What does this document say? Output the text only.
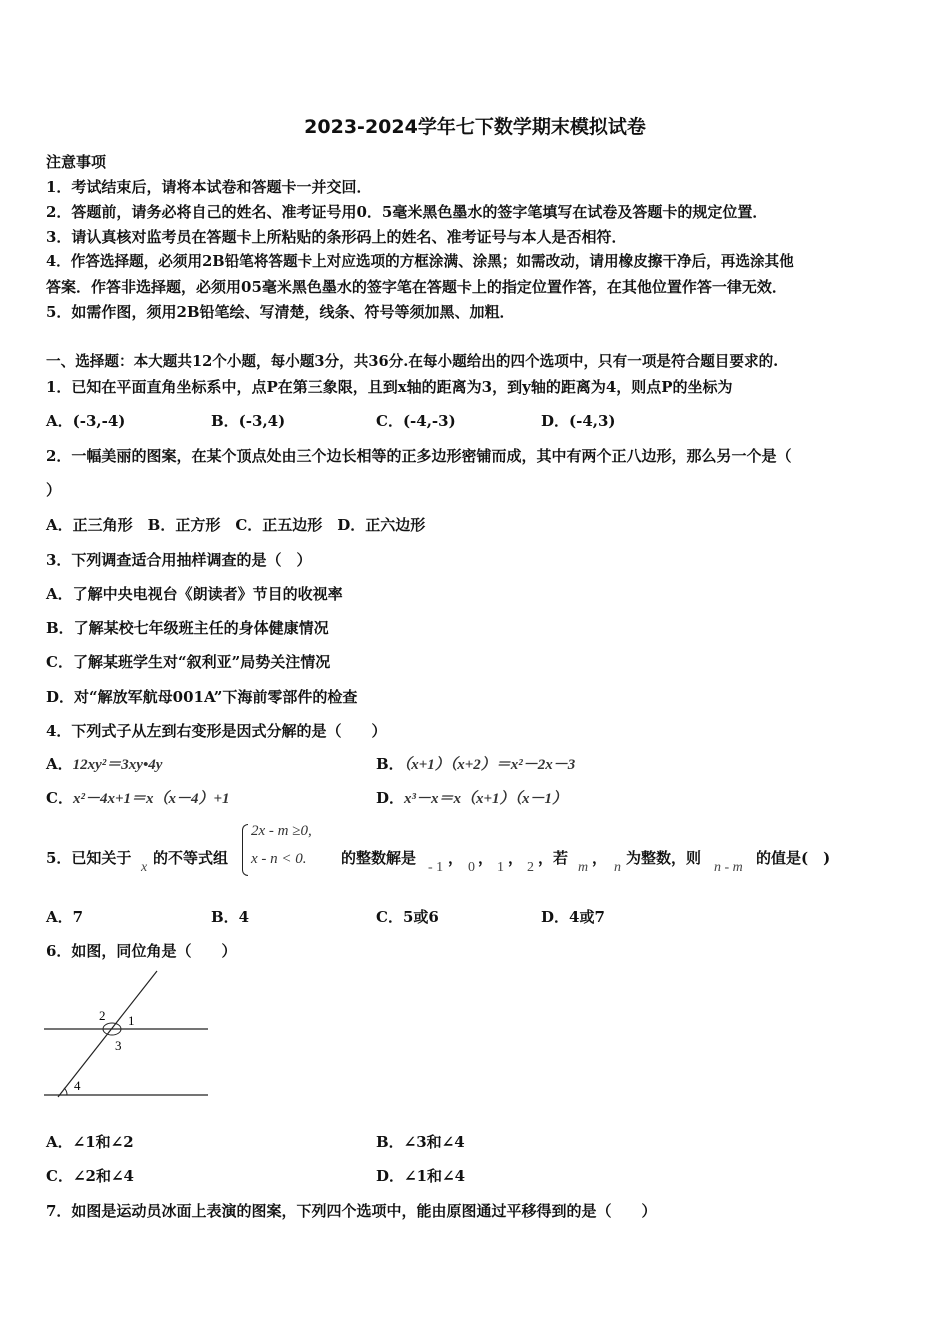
2023-2024学年七下数学期末模拟试卷
注意事项
1．考试结束后，请将本试卷和答题卡一并交回．
2．答题前，请务必将自己的姓名、准考证号用0．5毫米黑色墨水的签字笔填写在试卷及答题卡的规定位置．
3．请认真核对监考员在答题卡上所粘贴的条形码上的姓名、准考证号与本人是否相符．
4．作答选择题，必须用2B铅笔将答题卡上对应选项的方框涂满、涂黑；如需改动，请用橡皮擦干净后，再选涂其他
答案．作答非选择题，必须用05毫米黑色墨水的签字笔在答题卡上的指定位置作答，在其他位置作答一律无效．
5．如需作图，须用2B铅笔绘、写清楚，线条、符号等须加黑、加粗．
一、选择题：本大题共12个小题，每小题3分，共36分.在每小题给出的四个选项中，只有一项是符合题目要求的.
1．已知在平面直角坐标系中，点P在第三象限，且到x轴的距离为3，到y轴的距离为4，则点P的坐标为
A．(-3,-4)	B．(-3,4)	C．(-4,-3)	D．(-4,3)
2．一幅美丽的图案，在某个顶点处由三个边长相等的正多边形密铺而成，其中有两个正八边形，那么另一个是（
）
A．正三角形　B．正方形　C．正五边形　D．正六边形
3．下列调查适合用抽样调查的是（　）
A．了解中央电视台《朗读者》节目的收视率
B．了解某校七年级班主任的身体健康情况
C．了解某班学生对“叙利亚”局势关注情况
D．对“解放军航母001A”下海前零部件的检查
4．下列式子从左到右变形是因式分解的是（　　）
A．12xy²＝3xy•4y	B．（x+1）（x+2）＝x²－2x－3
C．x²－4x+1＝x（x－4）+1	D．x³－x＝x（x+1）（x－1）
5．已知关于
x
的不等式组
2x - m ≥0,
x - n < 0. 的整数解是
- 1
，
0
，
1
，
2
，若
m
，
n
为整数，则
n - m
的值是(　)
A．7	B．4	C．5或6	D．4或7
6．如图，同位角是（　　）
1
2
3
4
A．∠1和∠2	B．∠3和∠4
C．∠2和∠4	D．∠1和∠4
7．如图是运动员冰面上表演的图案，下列四个选项中，能由原图通过平移得到的是（　　）
